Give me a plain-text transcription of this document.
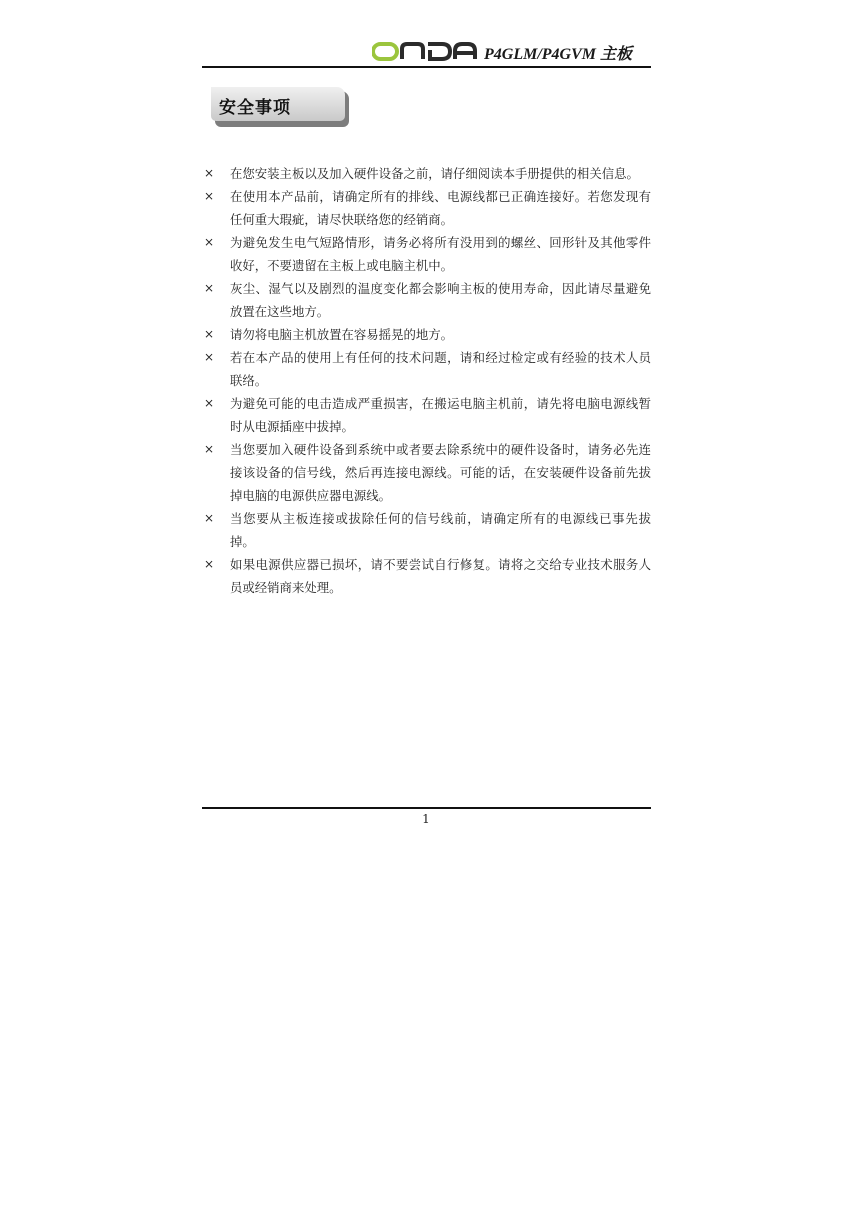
P4GLM/P4GVM 主板
安全事项
× 在您安装主板以及加入硬件设备之前，请仔细阅读本手册提供的相关信息。
× 在使用本产品前，请确定所有的排线、电源线都已正确连接好。若您发现有任何重大瑕疵，请尽快联络您的经销商。
× 为避免发生电气短路情形，请务必将所有没用到的螺丝、回形针及其他零件收好，不要遗留在主板上或电脑主机中。
× 灰尘、湿气以及剧烈的温度变化都会影响主板的使用寿命，因此请尽量避免放置在这些地方。
× 请勿将电脑主机放置在容易摇晃的地方。
× 若在本产品的使用上有任何的技术问题，请和经过检定或有经验的技术人员联络。
× 为避免可能的电击造成严重损害，在搬运电脑主机前，请先将电脑电源线暂时从电源插座中拔掉。
× 当您要加入硬件设备到系统中或者要去除系统中的硬件设备时，请务必先连接该设备的信号线，然后再连接电源线。可能的话，在安装硬件设备前先拔掉电脑的电源供应器电源线。
× 当您要从主板连接或拔除任何的信号线前，请确定所有的电源线已事先拔掉。
× 如果电源供应器已损坏，请不要尝试自行修复。请将之交给专业技术服务人员或经销商来处理。
1
